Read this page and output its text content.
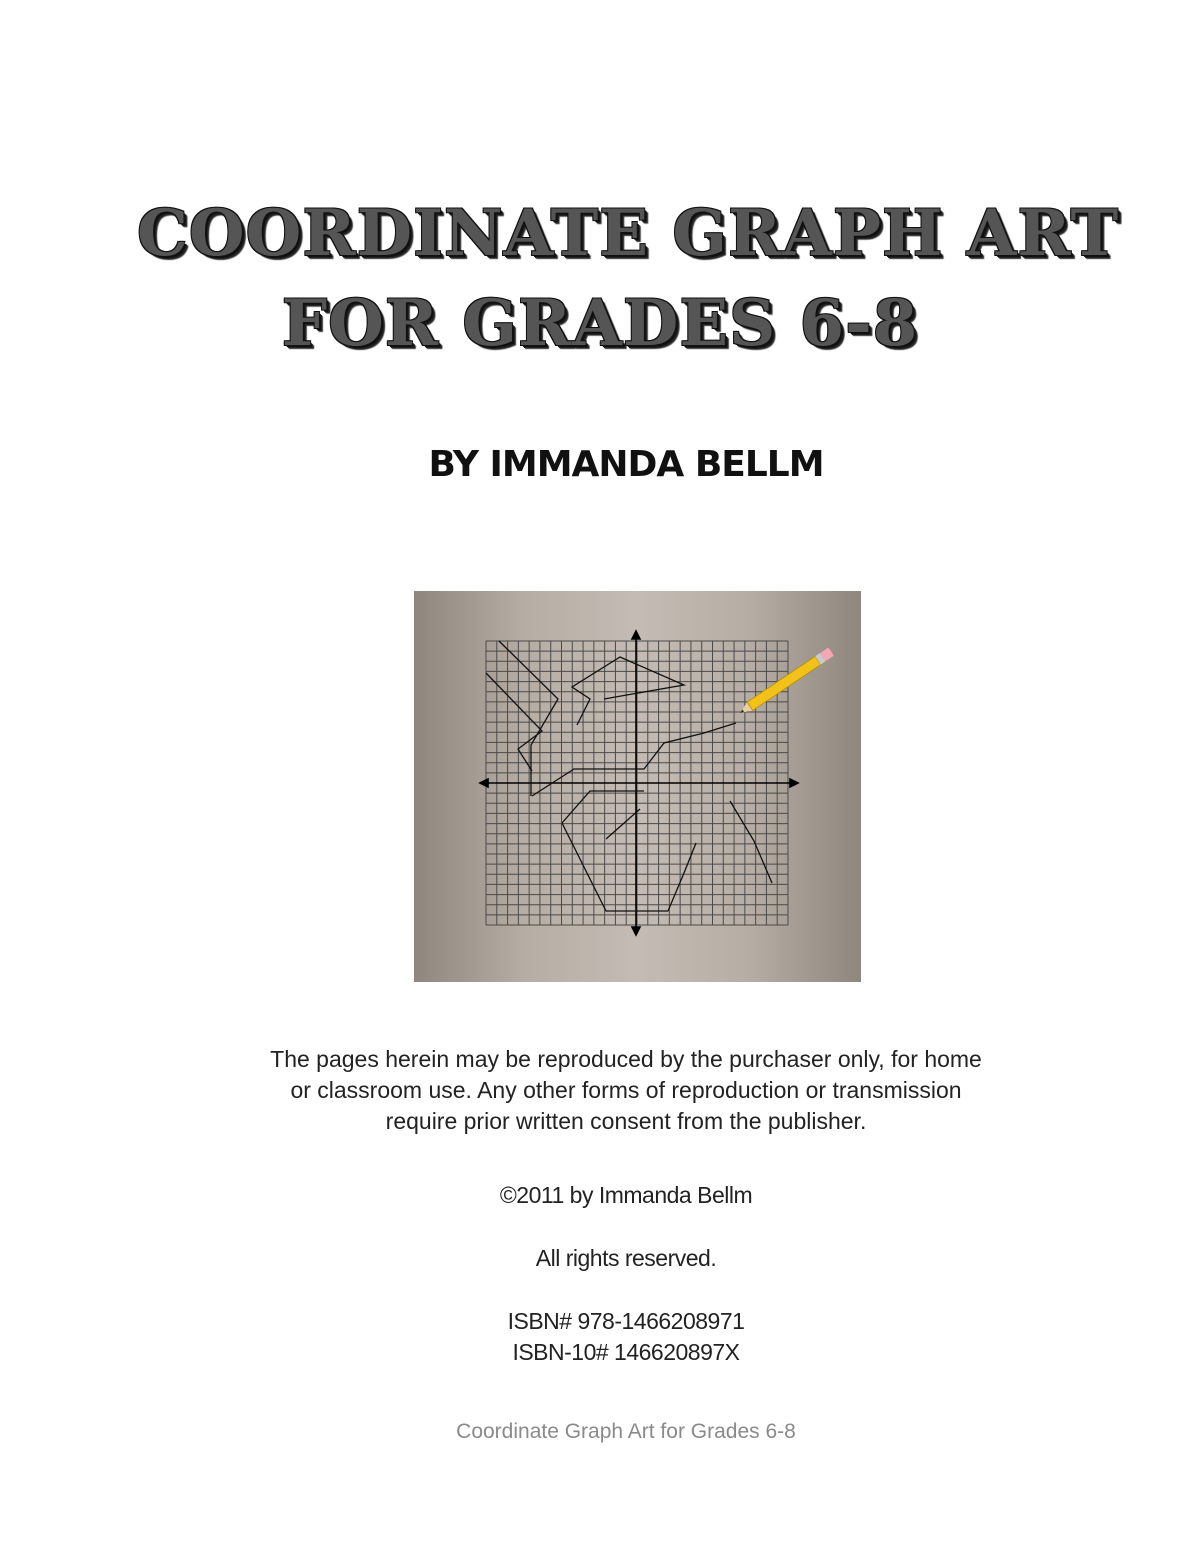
COORDINATE GRAPH ART
FOR GRADES 6-8
BY IMMANDA BELLM
The pages herein may be reproduced by the purchaser only, for home
or classroom use. Any other forms of reproduction or transmission
require prior written consent from the publisher.
©2011 by Immanda Bellm
All rights reserved.
ISBN# 978-1466208971
ISBN-10# 146620897X
Coordinate Graph Art for Grades 6-8
